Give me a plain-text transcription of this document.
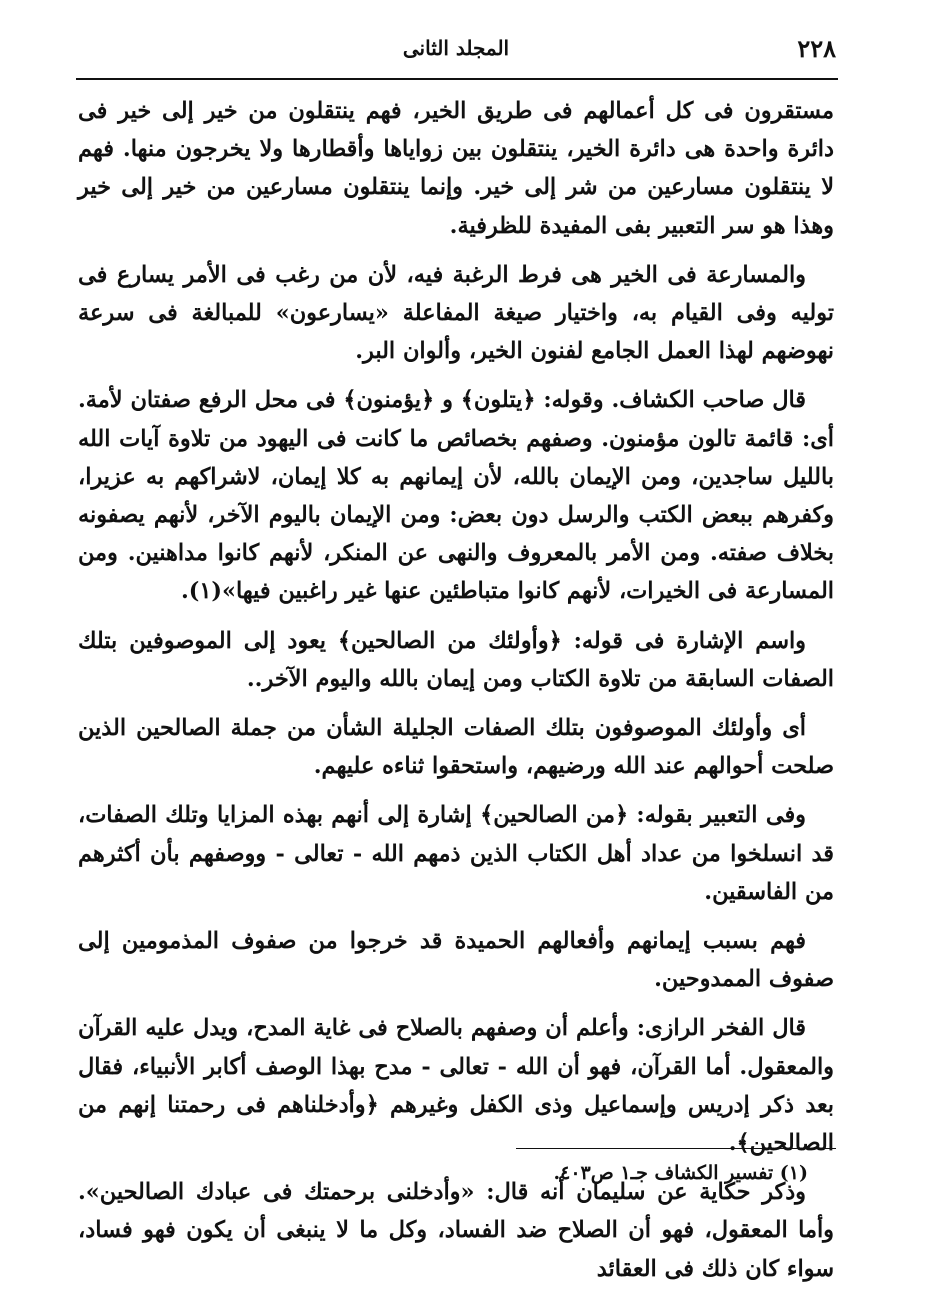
٢٢٨
المجلد الثانى

مستقرون فى كل أعمالهم فى طريق الخير، فهم ينتقلون من خير إلى خير فى دائرة واحدة هى دائرة الخير، ينتقلون بين زواياها وأقطارها ولا يخرجون منها. فهم لا ينتقلون مسارعين من شر إلى خير. وإنما ينتقلون مسارعين من خير إلى خير وهذا هو سر التعبير بفى المفيدة للظرفية.

والمسارعة فى الخير هى فرط الرغبة فيه، لأن من رغب فى الأمر يسارع فى توليه وفى القيام به، واختيار صيغة المفاعلة «يسارعون» للمبالغة فى سرعة نهوضهم لهذا العمل الجامع لفنون الخير، وألوان البر.

قال صاحب الكشاف. وقوله: ﴿يتلون﴾ و ﴿يؤمنون﴾ فى محل الرفع صفتان لأمة. أى: قائمة تالون مؤمنون. وصفهم بخصائص ما كانت فى اليهود من تلاوة آيات الله بالليل ساجدين، ومن الإيمان بالله، لأن إيمانهم به كلا إيمان، لاشراكهم به عزيرا، وكفرهم ببعض الكتب والرسل دون بعض: ومن الإيمان باليوم الآخر، لأنهم يصفونه بخلاف صفته. ومن الأمر بالمعروف والنهى عن المنكر، لأنهم كانوا مداهنين. ومن المسارعة فى الخيرات، لأنهم كانوا متباطئين عنها غير راغبين فيها»(١).

واسم الإشارة فى قوله: ﴿وأولئك من الصالحين﴾ يعود إلى الموصوفين بتلك الصفات السابقة من تلاوة الكتاب ومن إيمان بالله واليوم الآخر..

أى وأولئك الموصوفون بتلك الصفات الجليلة الشأن من جملة الصالحين الذين صلحت أحوالهم عند الله ورضيهم، واستحقوا ثناءه عليهم.

وفى التعبير بقوله: ﴿من الصالحين﴾ إشارة إلى أنهم بهذه المزايا وتلك الصفات، قد انسلخوا من عداد أهل الكتاب الذين ذمهم الله - تعالى - ووصفهم بأن أكثرهم من الفاسقين.

فهم بسبب إيمانهم وأفعالهم الحميدة قد خرجوا من صفوف المذمومين إلى صفوف الممدوحين.

قال الفخر الرازى: وأعلم أن وصفهم بالصلاح فى غاية المدح، ويدل عليه القرآن والمعقول. أما القرآن، فهو أن الله - تعالى - مدح بهذا الوصف أكابر الأنبياء، فقال بعد ذكر إدريس وإسماعيل وذى الكفل وغيرهم ﴿وأدخلناهم فى رحمتنا إنهم من الصالحين﴾.

وذكر حكاية عن سليمان أنه قال: «وأدخلنى برحمتك فى عبادك الصالحين». وأما المعقول، فهو أن الصلاح ضد الفساد، وكل ما لا ينبغى أن يكون فهو فساد، سواء كان ذلك فى العقائد

(١) تفسير الكشاف جـ١ ص٤٠٣.
